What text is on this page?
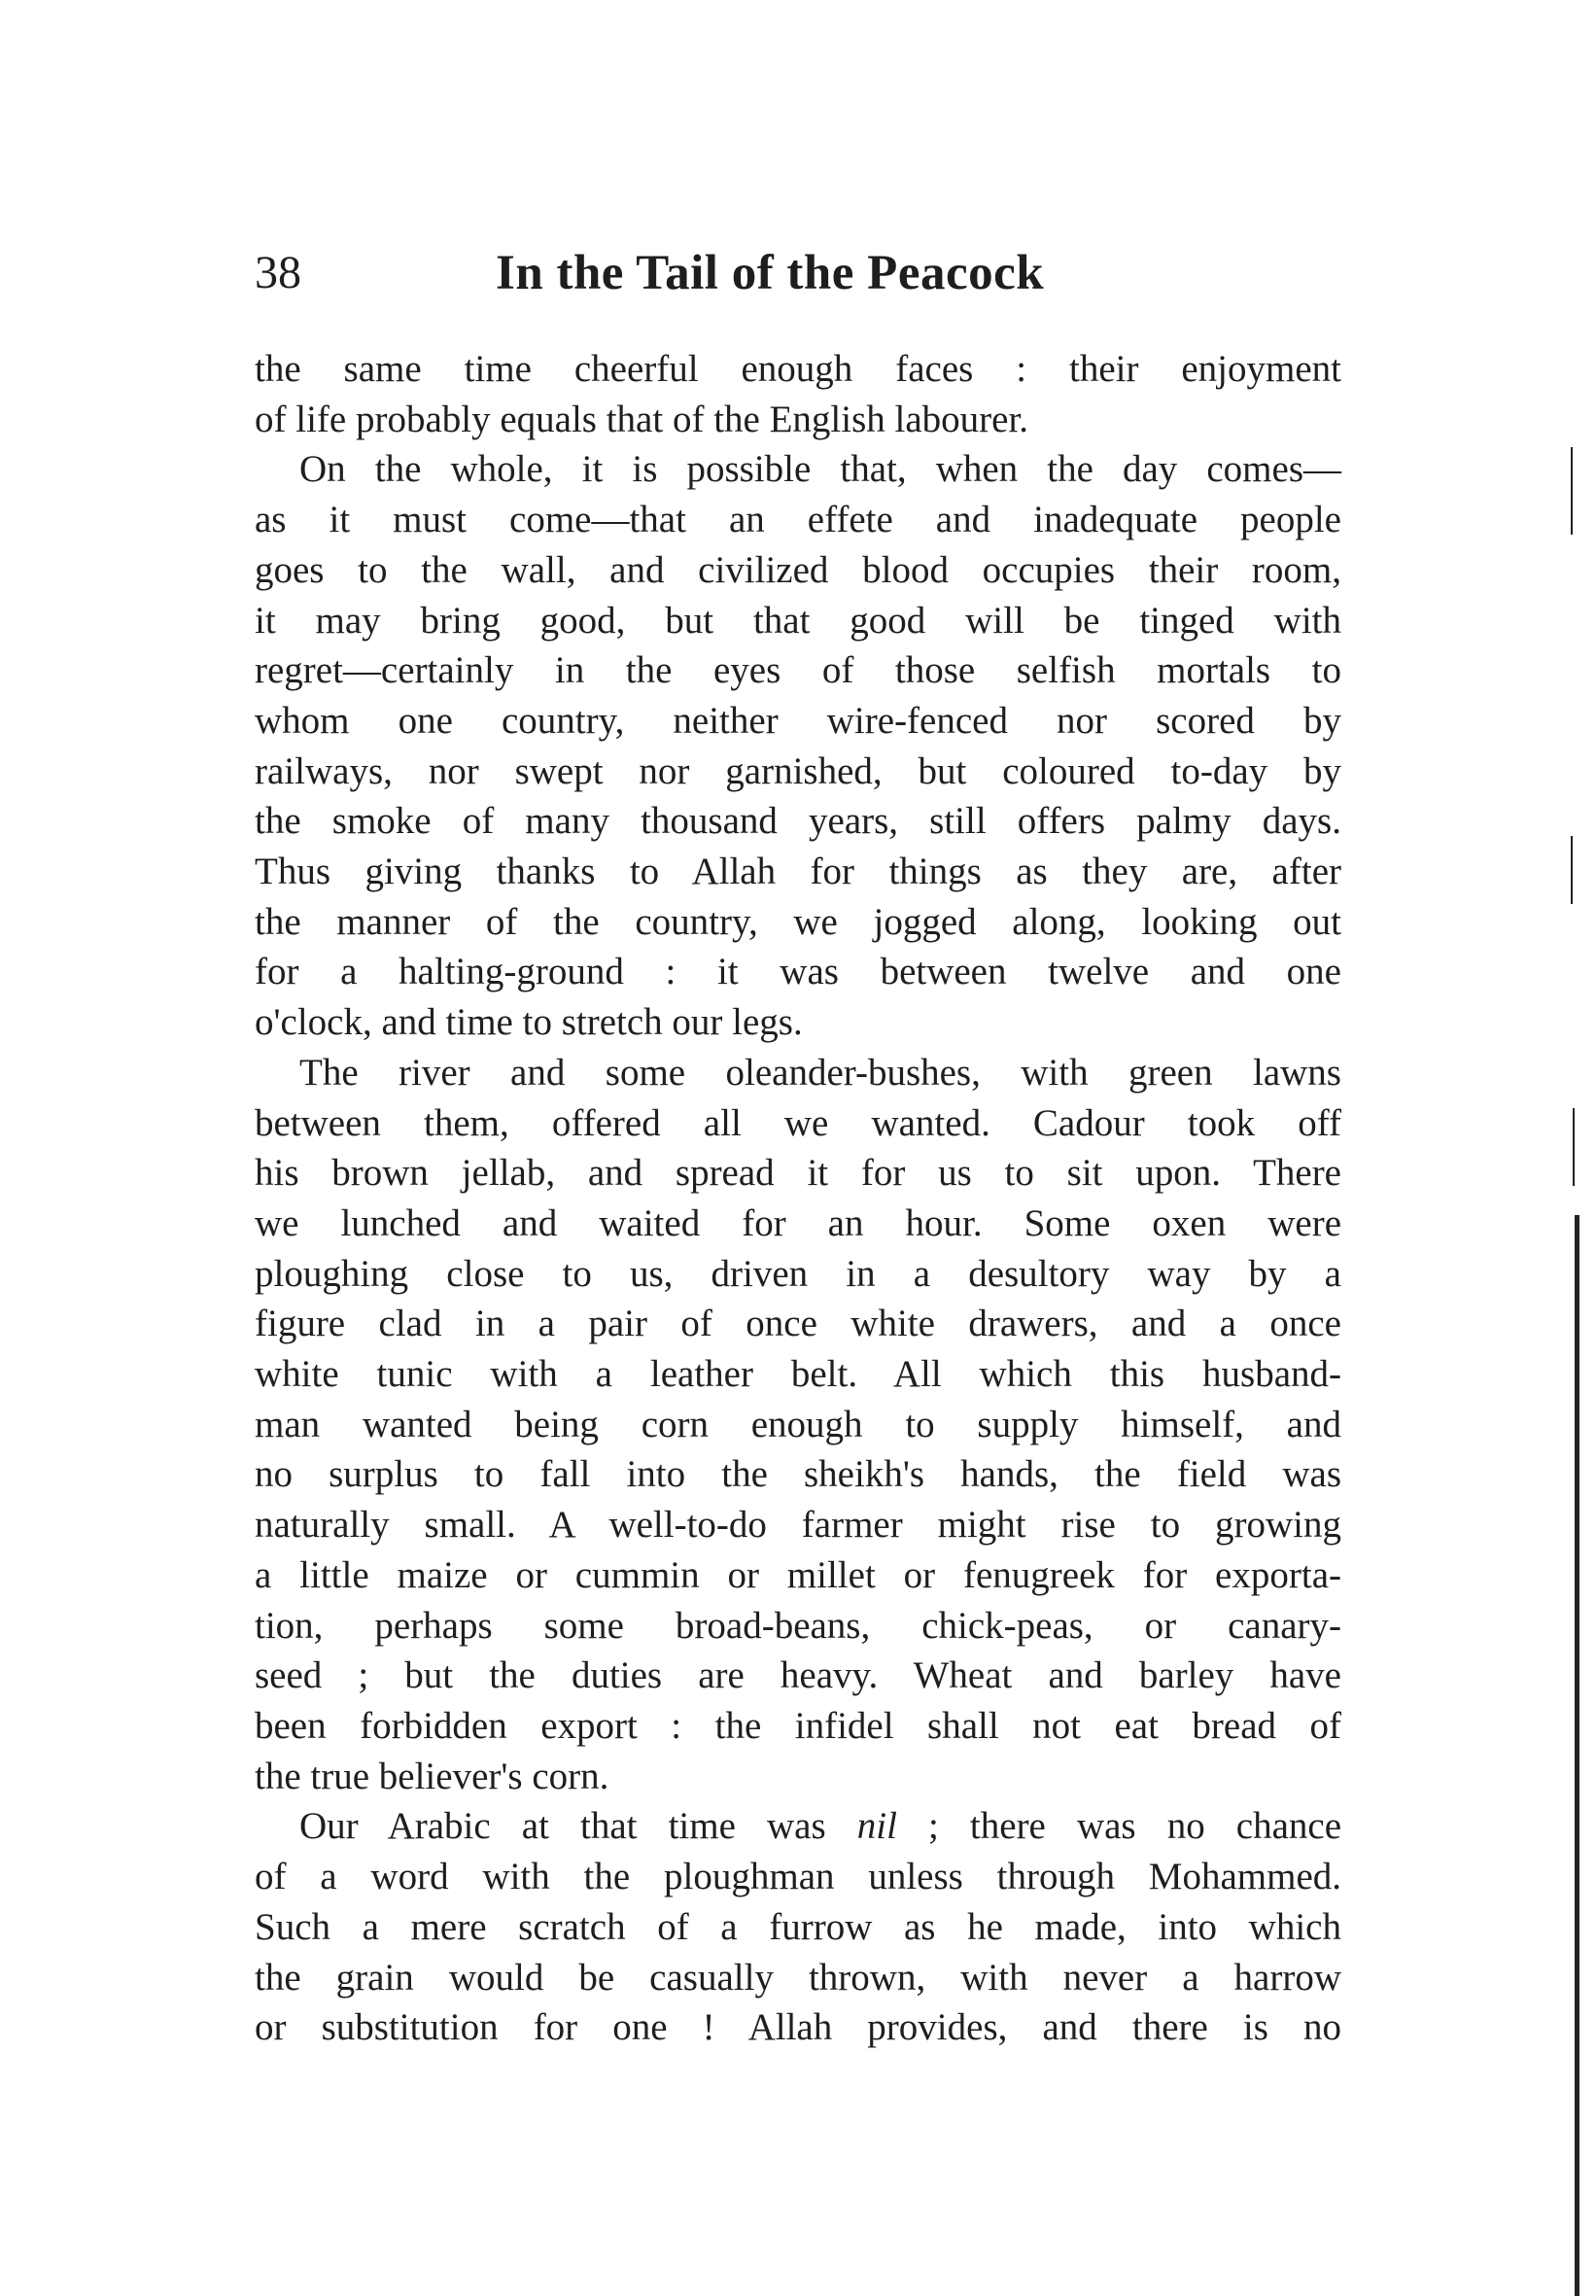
38	In the Tail of the Peacock
the same time cheerful enough faces : their enjoyment
of life probably equals that of the English labourer.
On the whole, it is possible that, when the day comes—
as it must come—that an effete and inadequate people
goes to the wall, and civilized blood occupies their room,
it may bring good, but that good will be tinged with
regret—certainly in the eyes of those selfish mortals to
whom one country, neither wire-fenced nor scored by
railways, nor swept nor garnished, but coloured to-day by
the smoke of many thousand years, still offers palmy days.
Thus giving thanks to Allah for things as they are, after
the manner of the country, we jogged along, looking out
for a halting-ground : it was between twelve and one
o'clock, and time to stretch our legs.
The river and some oleander-bushes, with green lawns
between them, offered all we wanted. Cadour took off
his brown jellab, and spread it for us to sit upon. There
we lunched and waited for an hour. Some oxen were
ploughing close to us, driven in a desultory way by a
figure clad in a pair of once white drawers, and a once
white tunic with a leather belt. All which this husband-
man wanted being corn enough to supply himself, and
no surplus to fall into the sheikh's hands, the field was
naturally small. A well-to-do farmer might rise to growing
a little maize or cummin or millet or fenugreek for exporta-
tion, perhaps some broad-beans, chick-peas, or canary-
seed ; but the duties are heavy. Wheat and barley have
been forbidden export : the infidel shall not eat bread of
the true believer's corn.
Our Arabic at that time was nil ; there was no chance
of a word with the ploughman unless through Mohammed.
Such a mere scratch of a furrow as he made, into which
the grain would be casually thrown, with never a harrow
or substitution for one ! Allah provides, and there is no
